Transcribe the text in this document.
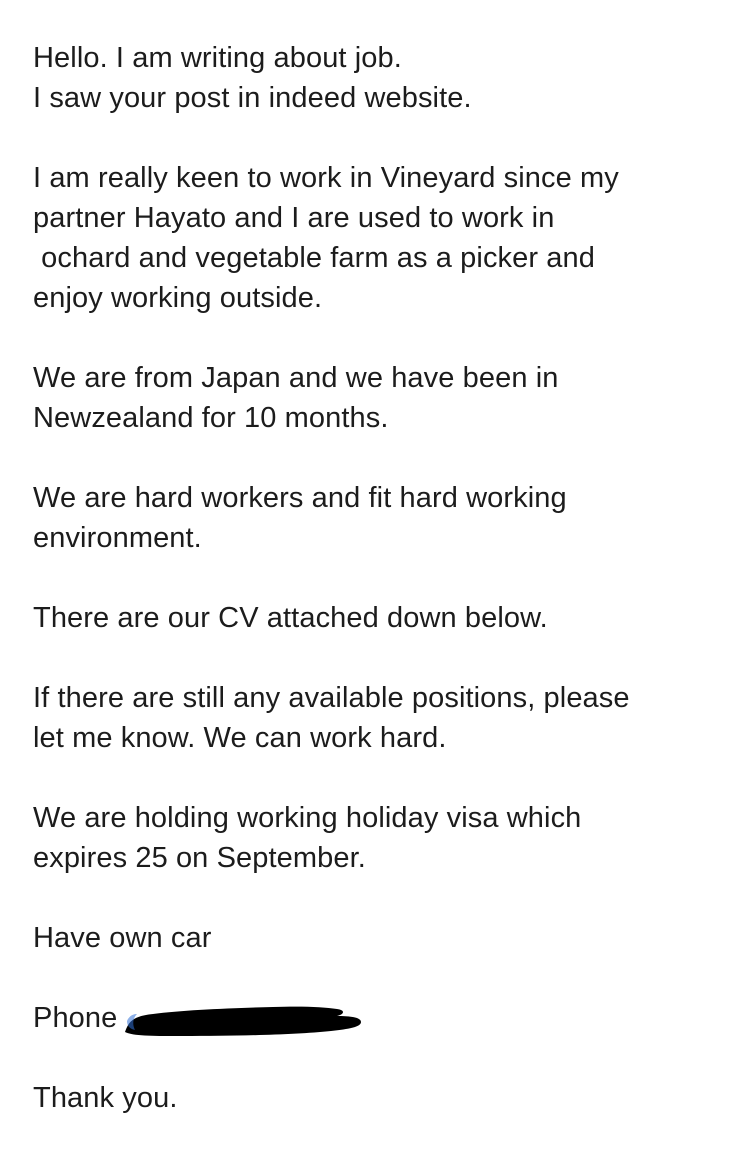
Hello. I am writing about job.
I saw your post in indeed website.
I am really keen to work in Vineyard since my
partner Hayato and I are used to work in
ochard and vegetable farm as a picker and
enjoy working outside.
We are from Japan and we have been in
Newzealand for 10 months.
We are hard workers and fit hard working
environment.
There are our CV attached down below.
If there are still any available positions, please
let me know. We can work hard.
We are holding working holiday visa which
expires 25 on September.
Have own car
Phone

Thank you.
